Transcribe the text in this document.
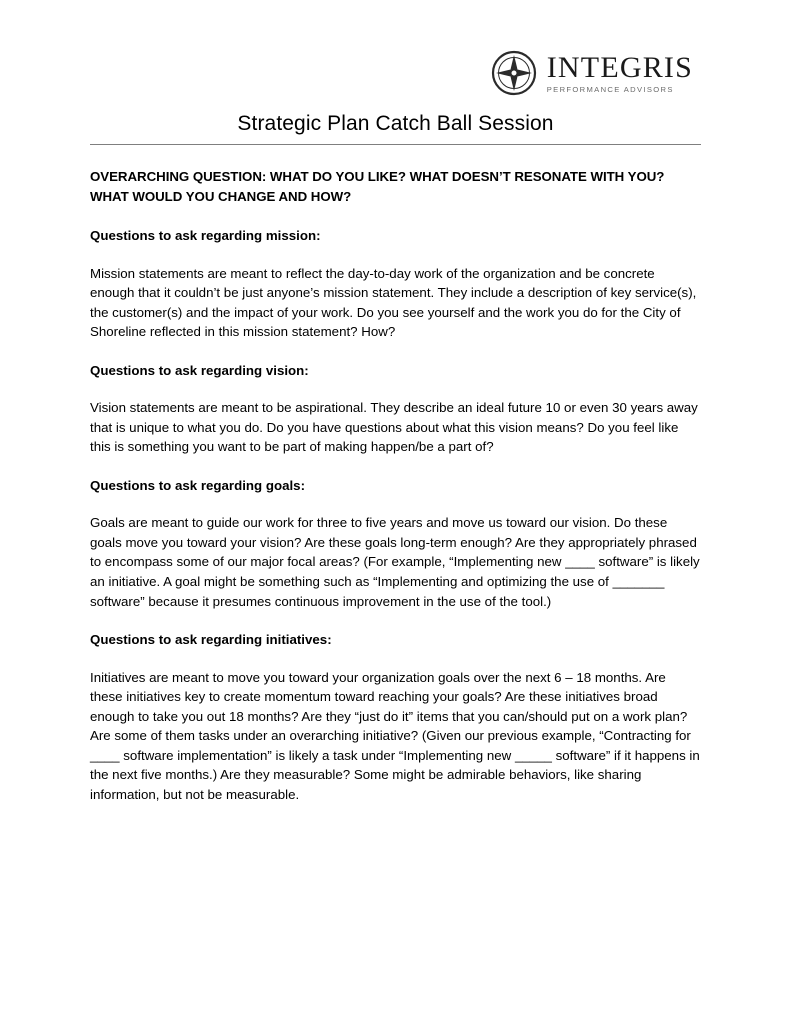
INTEGRIS
PERFORMANCE ADVISORS
Strategic Plan Catch Ball Session

OVERARCHING QUESTION: WHAT DO YOU LIKE? WHAT DOESN’T RESONATE WITH YOU? WHAT WOULD YOU CHANGE AND HOW?

Questions to ask regarding mission:

Mission statements are meant to reflect the day-to-day work of the organization and be concrete enough that it couldn’t be just anyone’s mission statement. They include a description of key service(s), the customer(s) and the impact of your work. Do you see yourself and the work you do for the City of Shoreline reflected in this mission statement? How?

Questions to ask regarding vision:

Vision statements are meant to be aspirational. They describe an ideal future 10 or even 30 years away that is unique to what you do. Do you have questions about what this vision means? Do you feel like this is something you want to be part of making happen/be a part of?

Questions to ask regarding goals:

Goals are meant to guide our work for three to five years and move us toward our vision. Do these goals move you toward your vision? Are these goals long-term enough? Are they appropriately phrased to encompass some of our major focal areas? (For example, “Implementing new ____ software” is likely an initiative. A goal might be something such as “Implementing and optimizing the use of _______ software” because it presumes continuous improvement in the use of the tool.)

Questions to ask regarding initiatives:

Initiatives are meant to move you toward your organization goals over the next 6 – 18 months. Are these initiatives key to create momentum toward reaching your goals? Are these initiatives broad enough to take you out 18 months? Are they “just do it” items that you can/should put on a work plan? Are some of them tasks under an overarching initiative? (Given our previous example, “Contracting for ____ software implementation” is likely a task under “Implementing new _____ software” if it happens in the next five months.) Are they measurable? Some might be admirable behaviors, like sharing information, but not be measurable.
